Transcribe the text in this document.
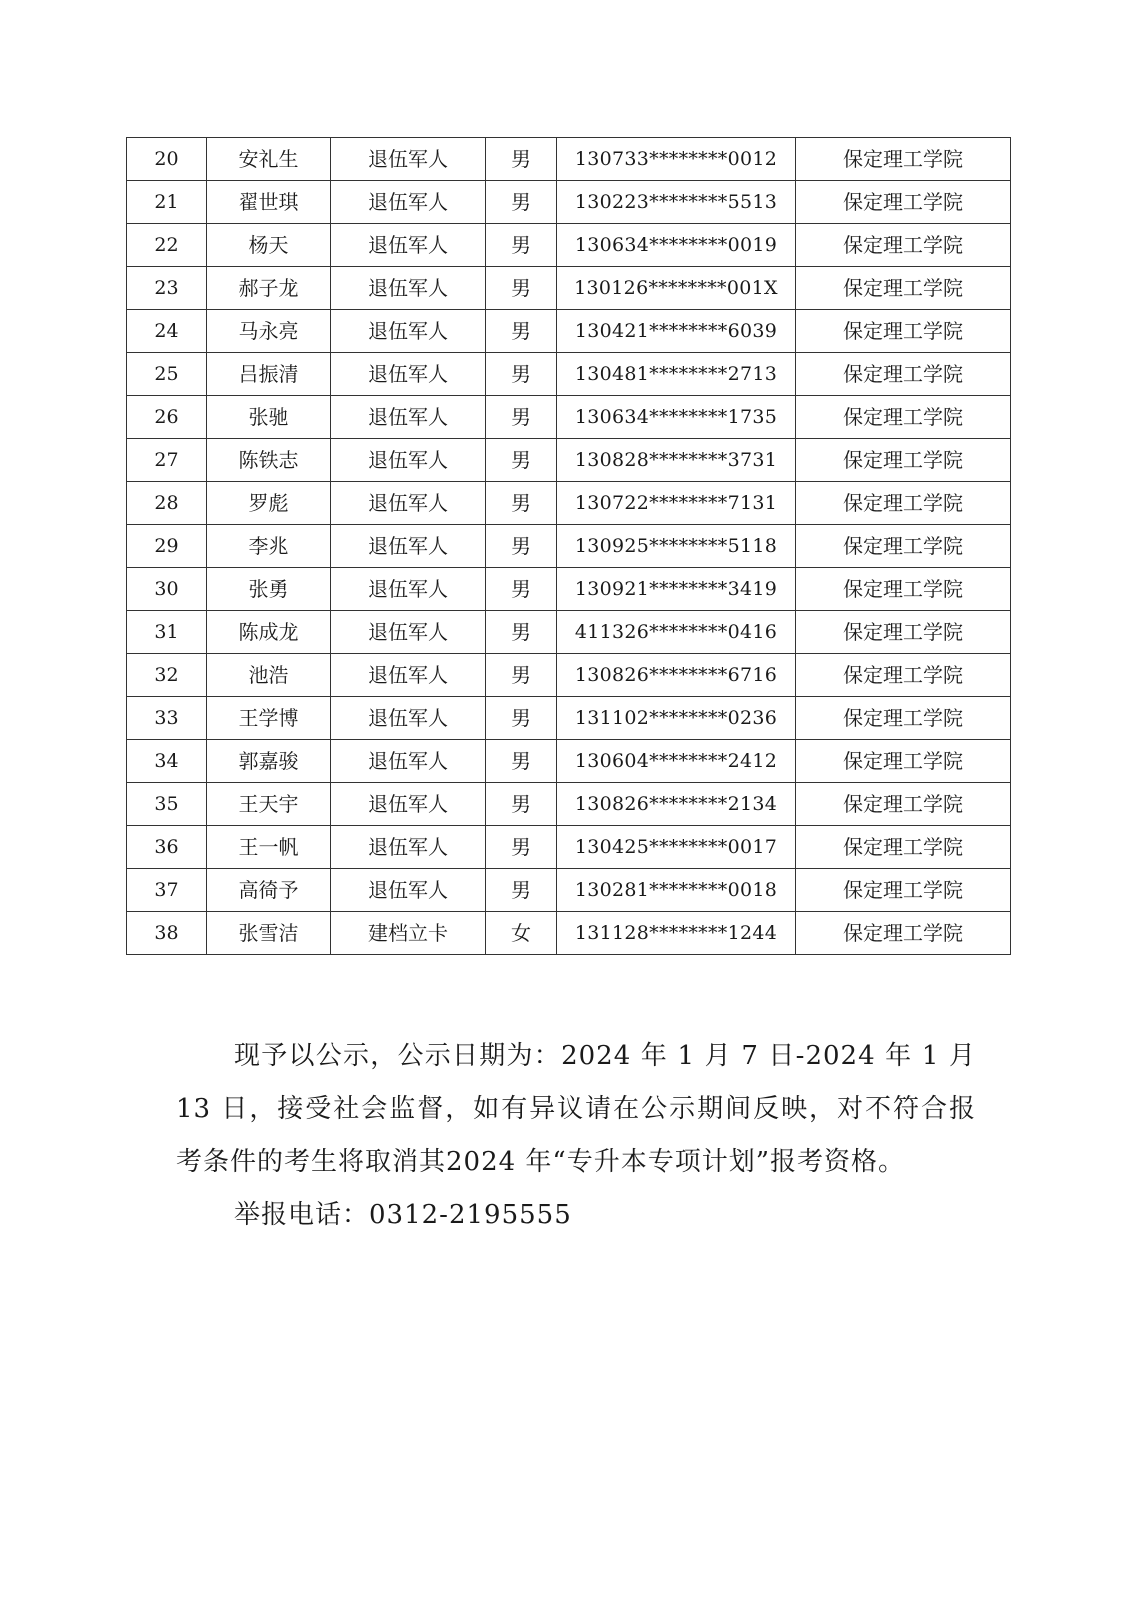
20	安礼生	退伍军人	男	130733********0012	保定理工学院
21	翟世琪	退伍军人	男	130223********5513	保定理工学院
22	杨天	退伍军人	男	130634********0019	保定理工学院
23	郝子龙	退伍军人	男	130126********001X	保定理工学院
24	马永亮	退伍军人	男	130421********6039	保定理工学院
25	吕振清	退伍军人	男	130481********2713	保定理工学院
26	张驰	退伍军人	男	130634********1735	保定理工学院
27	陈铁志	退伍军人	男	130828********3731	保定理工学院
28	罗彪	退伍军人	男	130722********7131	保定理工学院
29	李兆	退伍军人	男	130925********5118	保定理工学院
30	张勇	退伍军人	男	130921********3419	保定理工学院
31	陈成龙	退伍军人	男	411326********0416	保定理工学院
32	池浩	退伍军人	男	130826********6716	保定理工学院
33	王学博	退伍军人	男	131102********0236	保定理工学院
34	郭嘉骏	退伍军人	男	130604********2412	保定理工学院
35	王天宇	退伍军人	男	130826********2134	保定理工学院
36	王一帆	退伍军人	男	130425********0017	保定理工学院
37	高徛予	退伍军人	男	130281********0018	保定理工学院
38	张雪洁	建档立卡	女	131128********1244	保定理工学院

现予以公示，公示日期为：2024 年 1 月 7 日-2024 年 1 月 13 日，接受社会监督，如有异议请在公示期间反映，对不符合报考条件的考生将取消其2024 年“专升本专项计划”报考资格。

举报电话：0312-2195555
